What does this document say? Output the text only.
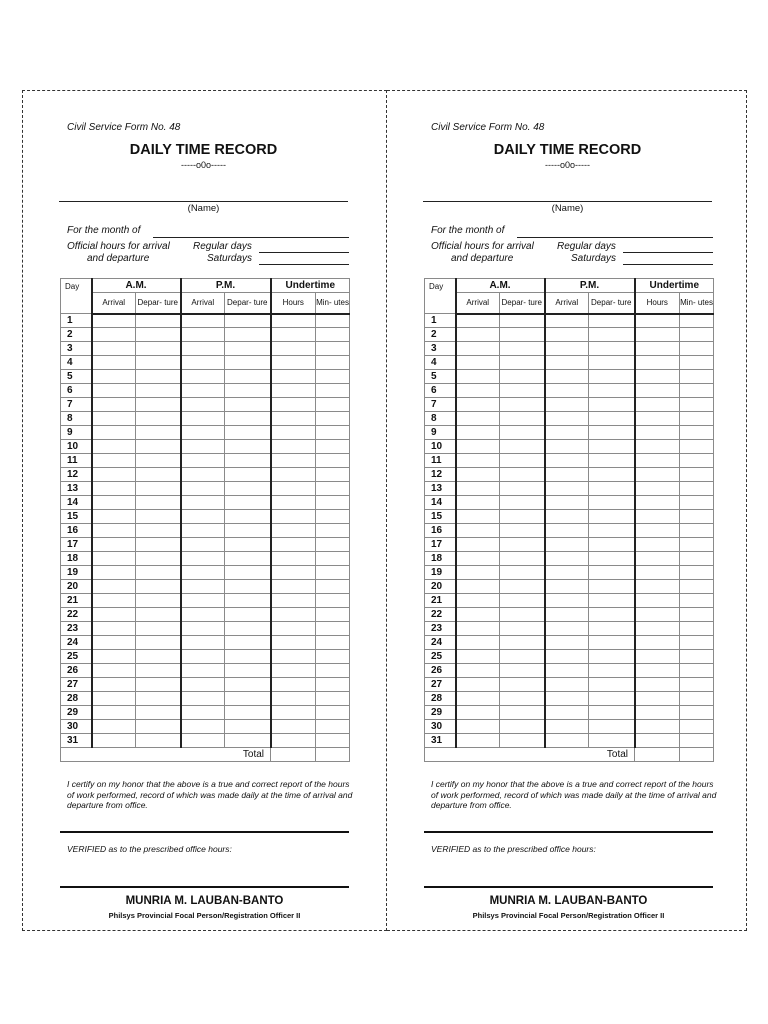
Civil Service Form No. 48
DAILY TIME RECORD
-----o0o-----
(Name)
For the month of
Official hours for arrival
and departure
Regular days
Saturdays
Day	A.M.		P.M.		Undertime	
	Arrival	Depar- ture	Arrival	Depar- ture	Hours	Min- utes
1						
2						
3						
4						
5						
6						
7						
8						
9						
10						
11						
12						
13						
14						
15						
16						
17						
18						
19						
20						
21						
22						
23						
24						
25						
26						
27						
28						
29						
30						
31						
Total						
I certify on my honor that the above is a true and correct report of the hours of work performed, record of which was made daily at the time of arrival and departure from office.
VERIFIED as to the prescribed office hours:
MUNRIA M. LAUBAN-BANTO
Philsys Provincial Focal Person/Registration Officer II
Civil Service Form No. 48
DAILY TIME RECORD
-----o0o-----
(Name)
For the month of
Official hours for arrival
and departure
Regular days
Saturdays
Day	A.M.		P.M.		Undertime	
	Arrival	Depar- ture	Arrival	Depar- ture	Hours	Min- utes
1						
2						
3						
4						
5						
6						
7						
8						
9						
10						
11						
12						
13						
14						
15						
16						
17						
18						
19						
20						
21						
22						
23						
24						
25						
26						
27						
28						
29						
30						
31						
Total						
I certify on my honor that the above is a true and correct report of the hours of work performed, record of which was made daily at the time of arrival and departure from office.
VERIFIED as to the prescribed office hours:
MUNRIA M. LAUBAN-BANTO
Philsys Provincial Focal Person/Registration Officer II
